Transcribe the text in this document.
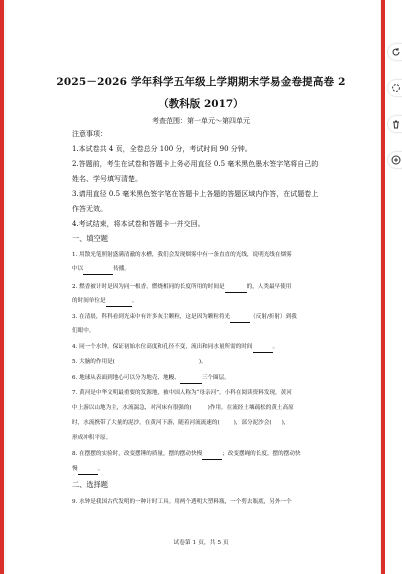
2025－2026 学年科学五年级上学期期末学易金卷提高卷 2
（教科版 2017）
考查范围：第一单元～第四单元
注意事项：
1.本试卷共 4 页，全卷总分 100 分，考试时间 90 分钟。
2.答题前，考生在试卷和答题卡上务必用直径 0.5 毫米黑色墨水签字笔将自己的
姓名、学号填写清楚。
3.请用直径 0.5 毫米黑色签字笔在答题卡上各题的答题区域内作答，在试题卷上
作答无效。
4.考试结束，将本试卷和答题卡一并交回。
一、填空题
1. 用散光笔照射盛满清澈的水槽，我们会发现烟雾中有一条直直的光线，说明光线在烟雾
中以	传播。
2. 燃香被计时是因为同一根香，燃烧相同的长度所用的时间是	的，人类最早使用
的时间单位是	。
3. 在清晨，科科看到光束中有许多灰尘颗粒，这是因为颗粒将光	（反射/折射）到我
们眼中。
4. 同一个水钟，保证初始水位高度和孔径不变，流出和同水量所需的时间	。
5. 大脑的作用是(	)。
6. 地球从表面到地心可以分为地壳、地幔、	三个圈层。
7. 黄河是中华文明最重要的发源地，被中国人称为“母亲河”。小科在阅读资料发现，黄河
中上游以山地为主，水流湍急，对河床有很强的(	)作用。在流经土壤疏松的黄土高原
时，水流携带了大量的泥沙，在黄河下游，随着河流流速的(	)，部分泥沙会( )，
形成冲积平原。
8. 在摆摆的实验时，改变摆锤的质量，摆的摆动快慢	；改变摆绳的长度，摆的摆动快
慢	。
二、选择题
9. 水钟是我国古代发明的一种计时工具。用两个透明大塑料瓶，一个剪去瓶底，另外一个
试卷第 1 页，共 5 页
